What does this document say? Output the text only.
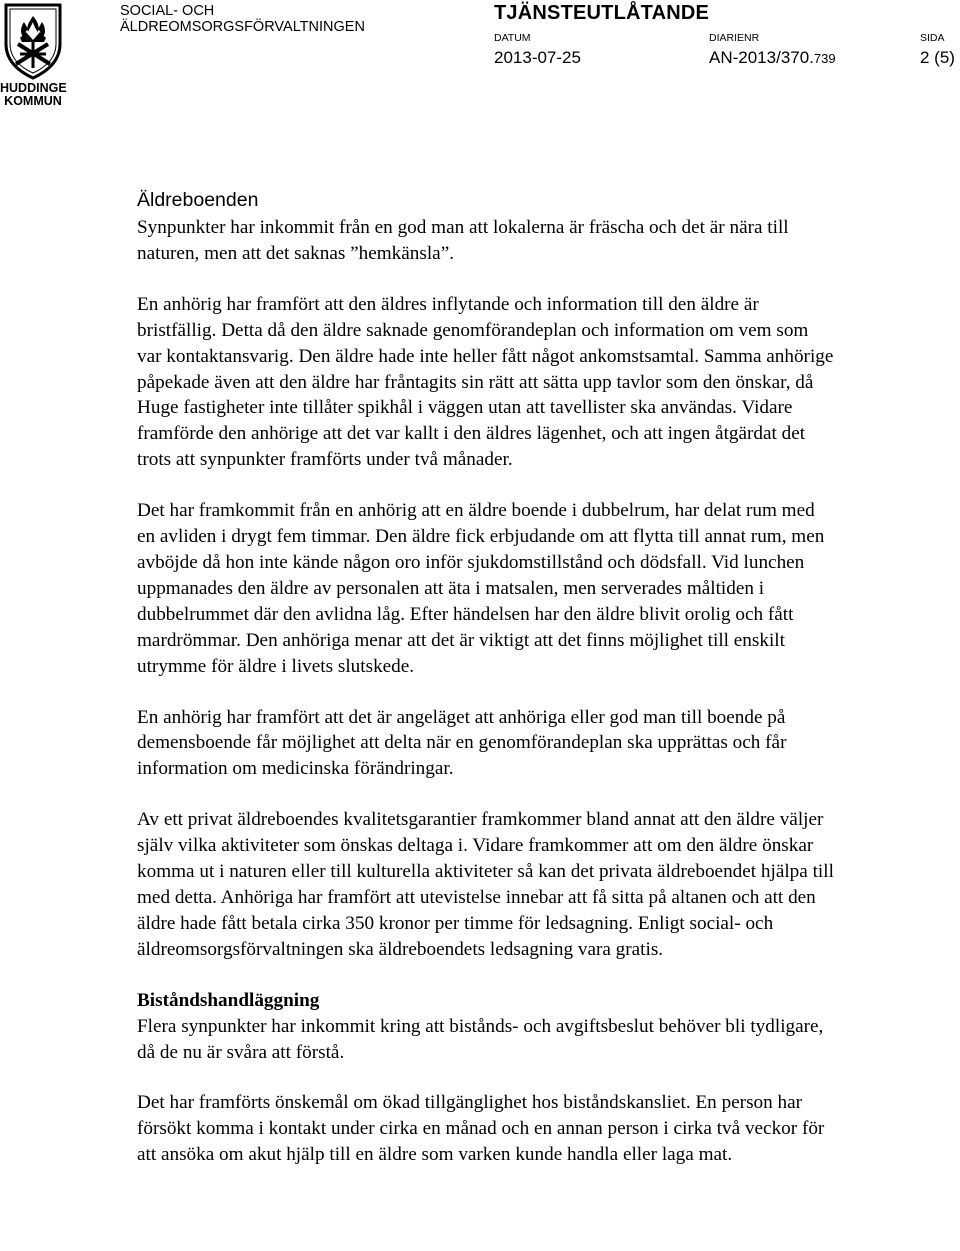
HUDDINGE
KOMMUN
SOCIAL- OCH
ÄLDREOMSORGSFÖRVALTNINGEN
TJÄNSTEUTLÅTANDE
DATUM	DIARIENR	SIDA
2013-07-25	AN-2013/370.739	2 (5)
Äldreboenden

Synpunkter har inkommit från en god man att lokalerna är fräscha och det är nära till naturen, men att det saknas ”hemkänsla”.

En anhörig har framfört att den äldres inflytande och information till den äldre är bristfällig. Detta då den äldre saknade genomförandeplan och information om vem som var kontaktansvarig. Den äldre hade inte heller fått något ankomstsamtal. Samma anhörige påpekade även att den äldre har fråntagits sin rätt att sätta upp tavlor som den önskar, då Huge fastigheter inte tillåter spikhål i väggen utan att tavellister ska användas. Vidare framförde den anhörige att det var kallt i den äldres lägenhet, och att ingen åtgärdat det trots att synpunkter framförts under två månader.

Det har framkommit från en anhörig att en äldre boende i dubbelrum, har delat rum med en avliden i drygt fem timmar. Den äldre fick erbjudande om att flytta till annat rum, men avböjde då hon inte kände någon oro inför sjukdomstillstånd och dödsfall. Vid lunchen uppmanades den äldre av personalen att äta i matsalen, men serverades måltiden i dubbelrummet där den avlidna låg. Efter händelsen har den äldre blivit orolig och fått mardrömmar. Den anhöriga menar att det är viktigt att det finns möjlighet till enskilt utrymme för äldre i livets slutskede.

En anhörig har framfört att det är angeläget att anhöriga eller god man till boende på demensboende får möjlighet att delta när en genomförandeplan ska upprättas och får information om medicinska förändringar.

Av ett privat äldreboendes kvalitetsgarantier framkommer bland annat att den äldre väljer själv vilka aktiviteter som önskas deltaga i. Vidare framkommer att om den äldre önskar komma ut i naturen eller till kulturella aktiviteter så kan det privata äldreboendet hjälpa till med detta. Anhöriga har framfört att utevistelse innebar att få sitta på altanen och att den äldre hade fått betala cirka 350 kronor per timme för ledsagning. Enligt social- och äldreomsorgsförvaltningen ska äldreboendets ledsagning vara gratis.

Biståndshandläggning

Flera synpunkter har inkommit kring att bistånds- och avgiftsbeslut behöver bli tydligare, då de nu är svåra att förstå.

Det har framförts önskemål om ökad tillgänglighet hos biståndskansliet. En person har försökt komma i kontakt under cirka en månad och en annan person i cirka två veckor för att ansöka om akut hjälp till en äldre som varken kunde handla eller laga mat.
